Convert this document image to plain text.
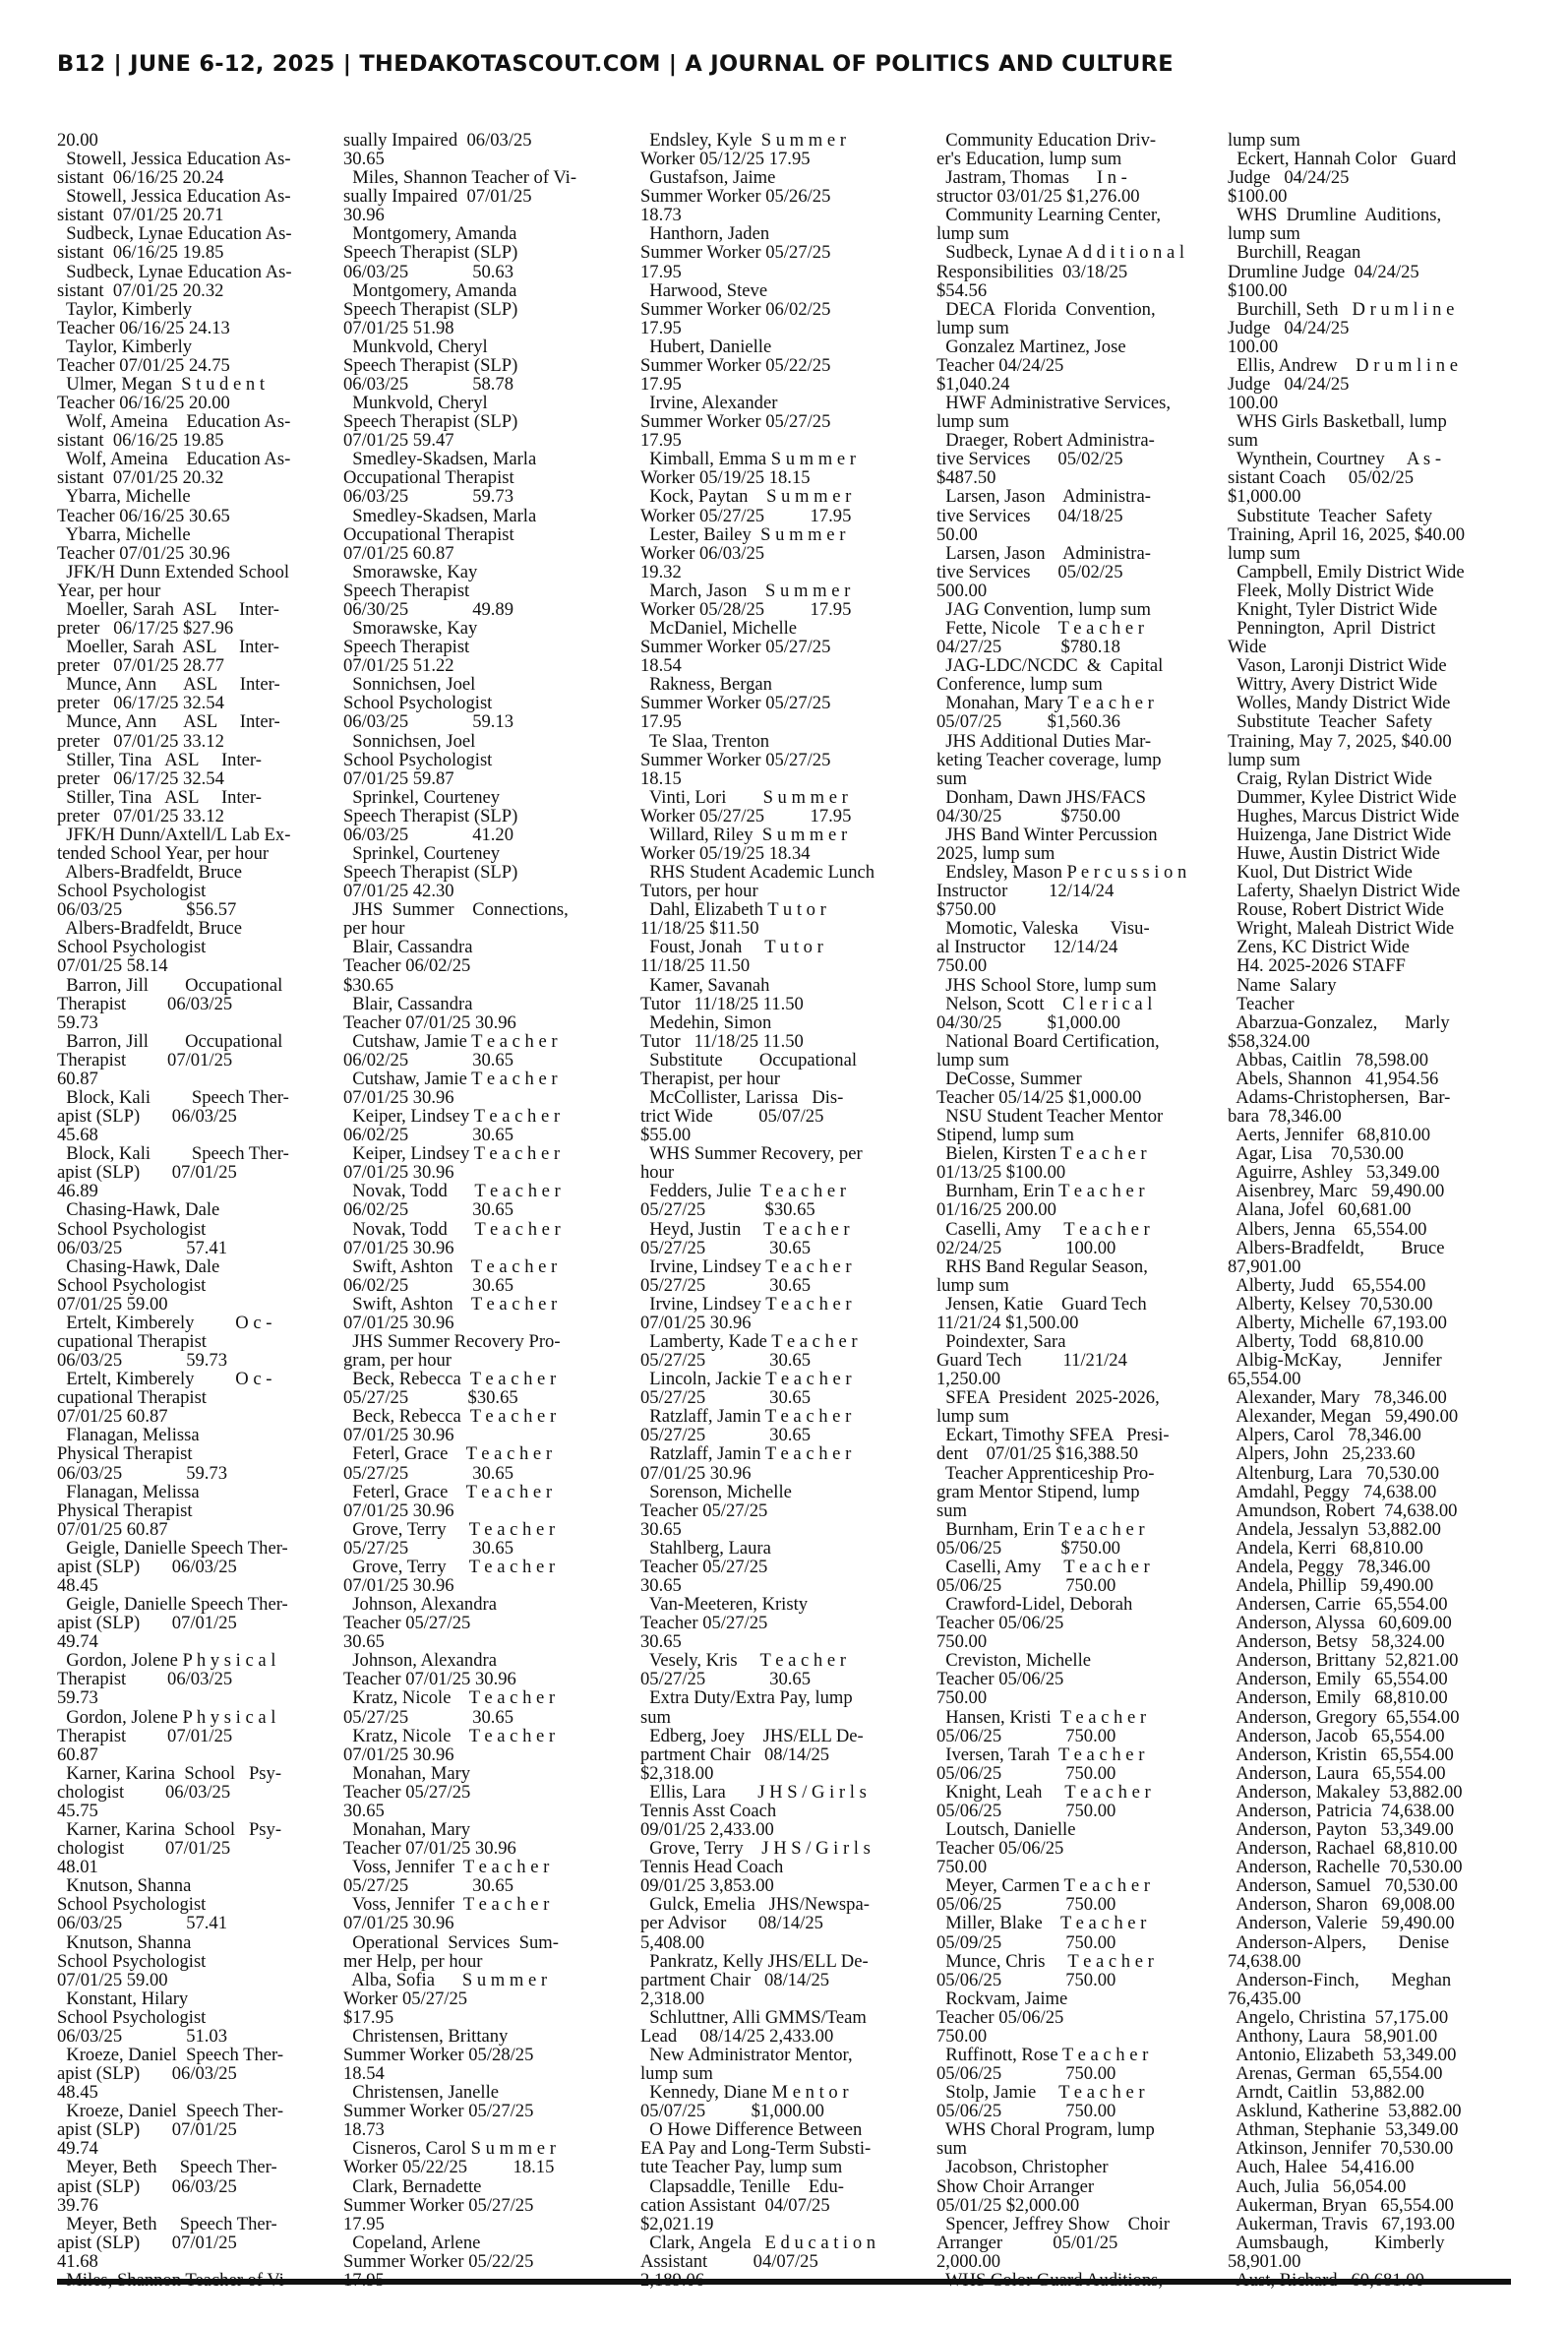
B12 | JUNE 6-12, 2025 | THEDAKOTASCOUT.COM | A JOURNAL OF POLITICS AND CULTURE
20.00
Stowell, Jessica Education As-
sistant  06/16/25 20.24
Stowell, Jessica Education As-
sistant  07/01/25 20.71
Sudbeck, Lynae Education As-
sistant  06/16/25 19.85
Sudbeck, Lynae Education As-
sistant  07/01/25 20.32
Taylor, Kimberly
Teacher 06/16/25 24.13
Taylor, Kimberly
Teacher 07/01/25 24.75
Ulmer, Megan  S t u d e n t
Teacher 06/16/25 20.00
Wolf, Ameina    Education As-
sistant  06/16/25 19.85
Wolf, Ameina    Education As-
sistant  07/01/25 20.32
Ybarra, Michelle
Teacher 06/16/25 30.65
Ybarra, Michelle
Teacher 07/01/25 30.96
JFK/H Dunn Extended School
Year, per hour
Moeller, Sarah  ASL     Inter-
preter   06/17/25 $27.96
Moeller, Sarah  ASL     Inter-
preter   07/01/25 28.77
Munce, Ann      ASL     Inter-
preter   06/17/25 32.54
Munce, Ann      ASL     Inter-
preter   07/01/25 33.12
Stiller, Tina   ASL     Inter-
preter   06/17/25 32.54
Stiller, Tina   ASL     Inter-
preter   07/01/25 33.12
JFK/H Dunn/Axtell/L Lab Ex-
tended School Year, per hour
Albers-Bradfeldt, Bruce
School Psychologist
06/03/25              $56.57
Albers-Bradfeldt, Bruce
School Psychologist
07/01/25 58.14
Barron, Jill        Occupational
Therapist         06/03/25
59.73
Barron, Jill        Occupational
Therapist         07/01/25
60.87
Block, Kali         Speech Ther-
apist (SLP)       06/03/25
45.68
Block, Kali         Speech Ther-
apist (SLP)       07/01/25
46.89
Chasing-Hawk, Dale
School Psychologist
06/03/25              57.41
Chasing-Hawk, Dale
School Psychologist
07/01/25 59.00
Ertelt, Kimberely         O c -
cupational Therapist
06/03/25              59.73
Ertelt, Kimberely         O c -
cupational Therapist
07/01/25 60.87
Flanagan, Melissa
Physical Therapist
06/03/25              59.73
Flanagan, Melissa
Physical Therapist
07/01/25 60.87
Geigle, Danielle Speech Ther-
apist (SLP)       06/03/25
48.45
Geigle, Danielle Speech Ther-
apist (SLP)       07/01/25
49.74
Gordon, Jolene P h y s i c a l
Therapist         06/03/25
59.73
Gordon, Jolene P h y s i c a l
Therapist         07/01/25
60.87
Karner, Karina  School   Psy-
chologist         06/03/25
45.75
Karner, Karina  School   Psy-
chologist         07/01/25
48.01
Knutson, Shanna
School Psychologist
06/03/25              57.41
Knutson, Shanna
School Psychologist
07/01/25 59.00
Konstant, Hilary
School Psychologist
06/03/25              51.03
Kroeze, Daniel  Speech Ther-
apist (SLP)       06/03/25
48.45
Kroeze, Daniel  Speech Ther-
apist (SLP)       07/01/25
49.74
Meyer, Beth     Speech Ther-
apist (SLP)       06/03/25
39.76
Meyer, Beth     Speech Ther-
apist (SLP)       07/01/25
41.68
sually Impaired  06/03/25
30.65
Miles, Shannon Teacher of Vi-
sually Impaired  07/01/25
30.96
Montgomery, Amanda
Speech Therapist (SLP)
06/03/25              50.63
Montgomery, Amanda
Speech Therapist (SLP)
07/01/25 51.98
Munkvold, Cheryl
Speech Therapist (SLP)
06/03/25              58.78
Munkvold, Cheryl
Speech Therapist (SLP)
07/01/25 59.47
Smedley-Skadsen, Marla
Occupational Therapist
06/03/25              59.73
Smedley-Skadsen, Marla
Occupational Therapist
07/01/25 60.87
Smorawske, Kay
Speech Therapist
06/30/25              49.89
Smorawske, Kay
Speech Therapist
07/01/25 51.22
Sonnichsen, Joel
School Psychologist
06/03/25              59.13
Sonnichsen, Joel
School Psychologist
07/01/25 59.87
Sprinkel, Courteney
Speech Therapist (SLP)
06/03/25              41.20
Sprinkel, Courteney
Speech Therapist (SLP)
07/01/25 42.30
JHS  Summer    Connections,
per hour
Blair, Cassandra
Teacher 06/02/25
$30.65
Blair, Cassandra
Teacher 07/01/25 30.96
Cutshaw, Jamie T e a c h e r
06/02/25              30.65
Cutshaw, Jamie T e a c h e r
07/01/25 30.96
Keiper, Lindsey T e a c h e r
06/02/25              30.65
Keiper, Lindsey T e a c h e r
07/01/25 30.96
Novak, Todd      T e a c h e r
06/02/25              30.65
Novak, Todd      T e a c h e r
07/01/25 30.96
Swift, Ashton    T e a c h e r
06/02/25              30.65
Swift, Ashton    T e a c h e r
07/01/25 30.96
JHS Summer Recovery Pro-
gram, per hour
Beck, Rebecca  T e a c h e r
05/27/25             $30.65
Beck, Rebecca  T e a c h e r
07/01/25 30.96
Feterl, Grace    T e a c h e r
05/27/25              30.65
Feterl, Grace    T e a c h e r
07/01/25 30.96
Grove, Terry     T e a c h e r
05/27/25              30.65
Grove, Terry     T e a c h e r
07/01/25 30.96
Johnson, Alexandra
Teacher 05/27/25
30.65
Johnson, Alexandra
Teacher 07/01/25 30.96
Kratz, Nicole    T e a c h e r
05/27/25              30.65
Kratz, Nicole    T e a c h e r
07/01/25 30.96
Monahan, Mary
Teacher 05/27/25
30.65
Monahan, Mary
Teacher 07/01/25 30.96
Voss, Jennifer  T e a c h e r
05/27/25              30.65
Voss, Jennifer  T e a c h e r
07/01/25 30.96
Operational  Services  Sum-
mer Help, per hour
Alba, Sofia      S u m m e r
Worker 05/27/25
$17.95
Christensen, Brittany
Summer Worker 05/28/25
18.54
Christensen, Janelle
Summer Worker 05/27/25
18.73
Cisneros, Carol S u m m e r
Worker 05/22/25          18.15
Clark, Bernadette
Summer Worker 05/27/25
17.95
Copeland, Arlene
Summer Worker 05/22/25
Endsley, Kyle  S u m m e r
Worker 05/12/25 17.95
Gustafson, Jaime
Summer Worker 05/26/25
18.73
Hanthorn, Jaden
Summer Worker 05/27/25
17.95
Harwood, Steve
Summer Worker 06/02/25
17.95
Hubert, Danielle
Summer Worker 05/22/25
17.95
Irvine, Alexander
Summer Worker 05/27/25
17.95
Kimball, Emma S u m m e r
Worker 05/19/25 18.15
Kock, Paytan    S u m m e r
Worker 05/27/25          17.95
Lester, Bailey  S u m m e r
Worker 06/03/25
19.32
March, Jason    S u m m e r
Worker 05/28/25          17.95
McDaniel, Michelle
Summer Worker 05/27/25
18.54
Rakness, Bergan
Summer Worker 05/27/25
17.95
Te Slaa, Trenton
Summer Worker 05/27/25
18.15
Vinti, Lori        S u m m e r
Worker 05/27/25          17.95
Willard, Riley  S u m m e r
Worker 05/19/25 18.34
RHS Student Academic Lunch
Tutors, per hour
Dahl, Elizabeth T u t o r
11/18/25 $11.50
Foust, Jonah     T u t o r
11/18/25 11.50
Kamer, Savanah
Tutor   11/18/25 11.50
Medehin, Simon
Tutor   11/18/25 11.50
Substitute        Occupational
Therapist, per hour
McCollister, Larissa   Dis-
trict Wide          05/07/25
$55.00
WHS Summer Recovery, per
hour
Fedders, Julie  T e a c h e r
05/27/25             $30.65
Heyd, Justin     T e a c h e r
05/27/25              30.65
Irvine, Lindsey T e a c h e r
05/27/25              30.65
Irvine, Lindsey T e a c h e r
07/01/25 30.96
Lamberty, Kade T e a c h e r
05/27/25              30.65
Lincoln, Jackie T e a c h e r
05/27/25              30.65
Ratzlaff, Jamin T e a c h e r
05/27/25              30.65
Ratzlaff, Jamin T e a c h e r
07/01/25 30.96
Sorenson, Michelle
Teacher 05/27/25
30.65
Stahlberg, Laura
Teacher 05/27/25
30.65
Van-Meeteren, Kristy
Teacher 05/27/25
30.65
Vesely, Kris     T e a c h e r
05/27/25              30.65
Extra Duty/Extra Pay, lump
sum
Edberg, Joey    JHS/ELL De-
partment Chair   08/14/25
$2,318.00
Ellis, Lara       J H S / G i r l s
Tennis Asst Coach
09/01/25 2,433.00
Grove, Terry    J H S / G i r l s
Tennis Head Coach
09/01/25 3,853.00
Gulck, Emelia   JHS/Newspa-
per Advisor       08/14/25
5,408.00
Pankratz, Kelly JHS/ELL De-
partment Chair   08/14/25
2,318.00
Schluttner, Alli GMMS/Team
Lead     08/14/25 2,433.00
New Administrator Mentor,
lump sum
Kennedy, Diane M e n t o r
05/07/25          $1,000.00
O Howe Difference Between
EA Pay and Long-Term Substi-
tute Teacher Pay, lump sum
Clapsaddle, Tenille    Edu-
cation Assistant  04/07/25
$2,021.19
Clark, Angela   E d u c a t i o n
Assistant          04/07/25
Community Education Driv-
er's Education, lump sum
Jastram, Thomas      I n -
structor 03/01/25 $1,276.00
Community Learning Center,
lump sum
Sudbeck, Lynae A d d i t i o n a l
Responsibilities  03/18/25
$54.56
DECA  Florida  Convention,
lump sum
Gonzalez Martinez, Jose
Teacher 04/24/25
$1,040.24
HWF Administrative Services,
lump sum
Draeger, Robert Administra-
tive Services      05/02/25
$487.50
Larsen, Jason    Administra-
tive Services      04/18/25
50.00
Larsen, Jason    Administra-
tive Services      05/02/25
500.00
JAG Convention, lump sum
Fette, Nicole    T e a c h e r
04/27/25             $780.18
JAG-LDC/NCDC  &  Capital
Conference, lump sum
Monahan, Mary T e a c h e r
05/07/25          $1,560.36
JHS Additional Duties Mar-
keting Teacher coverage, lump
sum
Donham, Dawn JHS/FACS
04/30/25             $750.00
JHS Band Winter Percussion
2025, lump sum
Endsley, Mason P e r c u s s i o n
Instructor         12/14/24
$750.00
Momotic, Valeska       Visu-
al Instructor      12/14/24
750.00
JHS School Store, lump sum
Nelson, Scott    C l e r i c a l
04/30/25          $1,000.00
National Board Certification,
lump sum
DeCosse, Summer
Teacher 05/14/25 $1,000.00
NSU Student Teacher Mentor
Stipend, lump sum
Bielen, Kirsten T e a c h e r
01/13/25 $100.00
Burnham, Erin T e a c h e r
01/16/25 200.00
Caselli, Amy     T e a c h e r
02/24/25              100.00
RHS Band Regular Season,
lump sum
Jensen, Katie    Guard Tech
11/21/24 $1,500.00
Poindexter, Sara
Guard Tech         11/21/24
1,250.00
SFEA  President  2025-2026,
lump sum
Eckart, Timothy SFEA   Presi-
dent    07/01/25 $16,388.50
Teacher Apprenticeship Pro-
gram Mentor Stipend, lump
sum
Burnham, Erin T e a c h e r
05/06/25             $750.00
Caselli, Amy     T e a c h e r
05/06/25              750.00
Crawford-Lidel, Deborah
Teacher 05/06/25
750.00
Creviston, Michelle
Teacher 05/06/25
750.00
Hansen, Kristi  T e a c h e r
05/06/25              750.00
Iversen, Tarah  T e a c h e r
05/06/25              750.00
Knight, Leah     T e a c h e r
05/06/25              750.00
Loutsch, Danielle
Teacher 05/06/25
750.00
Meyer, Carmen T e a c h e r
05/06/25              750.00
Miller, Blake    T e a c h e r
05/09/25              750.00
Munce, Chris     T e a c h e r
05/06/25              750.00
Rockvam, Jaime
Teacher 05/06/25
750.00
Ruffinott, Rose T e a c h e r
05/06/25              750.00
Stolp, Jamie     T e a c h e r
05/06/25              750.00
WHS Choral Program, lump
sum
Jacobson, Christopher
Show Choir Arranger
05/01/25 $2,000.00
Spencer, Jeffrey Show    Choir
Arranger           05/01/25
2,000.00
lump sum
Eckert, Hannah Color   Guard
Judge   04/24/25
$100.00
WHS  Drumline  Auditions,
lump sum
Burchill, Reagan
Drumline Judge  04/24/25
$100.00
Burchill, Seth   D r u m l i n e
Judge   04/24/25
100.00
Ellis, Andrew    D r u m l i n e
Judge   04/24/25
100.00
WHS Girls Basketball, lump
sum
Wynthein, Courtney     A s -
sistant Coach     05/02/25
$1,000.00
Substitute  Teacher  Safety
Training, April 16, 2025, $40.00
lump sum
Campbell, Emily District Wide
Fleek, Molly District Wide
Knight, Tyler District Wide
Pennington,  April  District
Wide
Vason, Laronji District Wide
Wittry, Avery District Wide
Wolles, Mandy District Wide
Substitute  Teacher  Safety
Training, May 7, 2025, $40.00
lump sum
Craig, Rylan District Wide
Dummer, Kylee District Wide
Hughes, Marcus District Wide
Huizenga, Jane District Wide
Huwe, Austin District Wide
Kuol, Dut District Wide
Laferty, Shaelyn District Wide
Rouse, Robert District Wide
Wright, Maleah District Wide
Zens, KC District Wide
H4. 2025-2026 STAFF
Name  Salary
Teacher
Abarzua-Gonzalez,      Marly
$58,324.00
Abbas, Caitlin   78,598.00
Abels, Shannon   41,954.56
Adams-Christophersen,  Bar-
bara  78,346.00
Aerts, Jennifer   68,810.00
Agar, Lisa    70,530.00
Aguirre, Ashley   53,349.00
Aisenbrey, Marc   59,490.00
Alana, Jofel   60,681.00
Albers, Jenna    65,554.00
Albers-Bradfeldt,        Bruce
87,901.00
Alberty, Judd    65,554.00
Alberty, Kelsey  70,530.00
Alberty, Michelle  67,193.00
Alberty, Todd   68,810.00
Albig-McKay,         Jennifer
65,554.00
Alexander, Mary   78,346.00
Alexander, Megan   59,490.00
Alpers, Carol   78,346.00
Alpers, John   25,233.60
Altenburg, Lara   70,530.00
Amdahl, Peggy   74,638.00
Amundson, Robert  74,638.00
Andela, Jessalyn  53,882.00
Andela, Kerri   68,810.00
Andela, Peggy   78,346.00
Andela, Phillip   59,490.00
Andersen, Carrie   65,554.00
Anderson, Alyssa   60,609.00
Anderson, Betsy   58,324.00
Anderson, Brittany  52,821.00
Anderson, Emily   65,554.00
Anderson, Emily   68,810.00
Anderson, Gregory  65,554.00
Anderson, Jacob   65,554.00
Anderson, Kristin   65,554.00
Anderson, Laura   65,554.00
Anderson, Makaley  53,882.00
Anderson, Patricia  74,638.00
Anderson, Payton   53,349.00
Anderson, Rachael  68,810.00
Anderson, Rachelle  70,530.00
Anderson, Samuel   70,530.00
Anderson, Sharon   69,008.00
Anderson, Valerie   59,490.00
Anderson-Alpers,       Denise
74,638.00
Anderson-Finch,       Meghan
76,435.00
Angelo, Christina  57,175.00
Anthony, Laura   58,901.00
Antonio, Elizabeth  53,349.00
Arenas, German   65,554.00
Arndt, Caitlin   53,882.00
Asklund, Katherine  53,882.00
Athman, Stephanie  53,349.00
Atkinson, Jennifer  70,530.00
Auch, Halee   54,416.00
Auch, Julia   56,054.00
Aukerman, Bryan   65,554.00
Aukerman, Travis   67,193.00
Aumsbaugh,          Kimberly
58,901.00
